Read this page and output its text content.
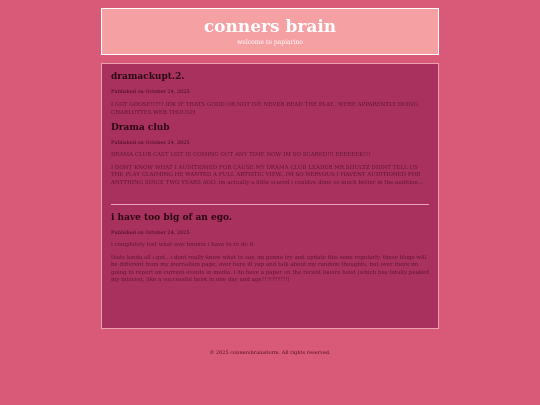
conners brain
welcome to papiarino
dramackupt.2.

Published on October 24, 2025

I GOT GOOSE!!??? IDK IF THATS GOOD OR NOT IVE NEVER READ THE PLAY.. WERE APPARENTLY DOING CHARLOTTES WEB THOUGH

Drama club

Published on October 24, 2025

DRAMA CLUB CAST LIST IS COMING OUT ANY TIME NOW IM SO SCARED!!! EEEEEEK!!!

I DONT KNOW WHAT I AUDITIONED FOR CAUSE MY DRAMA CLUB LEADER MR.SHULTZ DIDNT TELL US THE PLAY CLAIMING HE WANTED A FULL ARTISTIC VIEW...IM SO NERVOUS I HAVENT AUDITIONED FOR ANYTHING SINCE TWO YEARS AGO. im actually a little scared i couldve done so much better in the audition...

i have too big of an ego.

Published on October 24, 2025

i completely lost what was hmmm i have to re do it

thats kinda all i got.. i dont really know what to say. im gonna try and update this semi regularly. these blogs will be different from my journalism page, over here ill yap and talk about my random thoughts, but over there im going to report on current events in media. i do have a paper on the recent louvre heist (which has totally peaked my interest, like a successful heist in one day and age?!?!?!?!?!)

© 2025 connersbrainstorm. All rights reserved.
